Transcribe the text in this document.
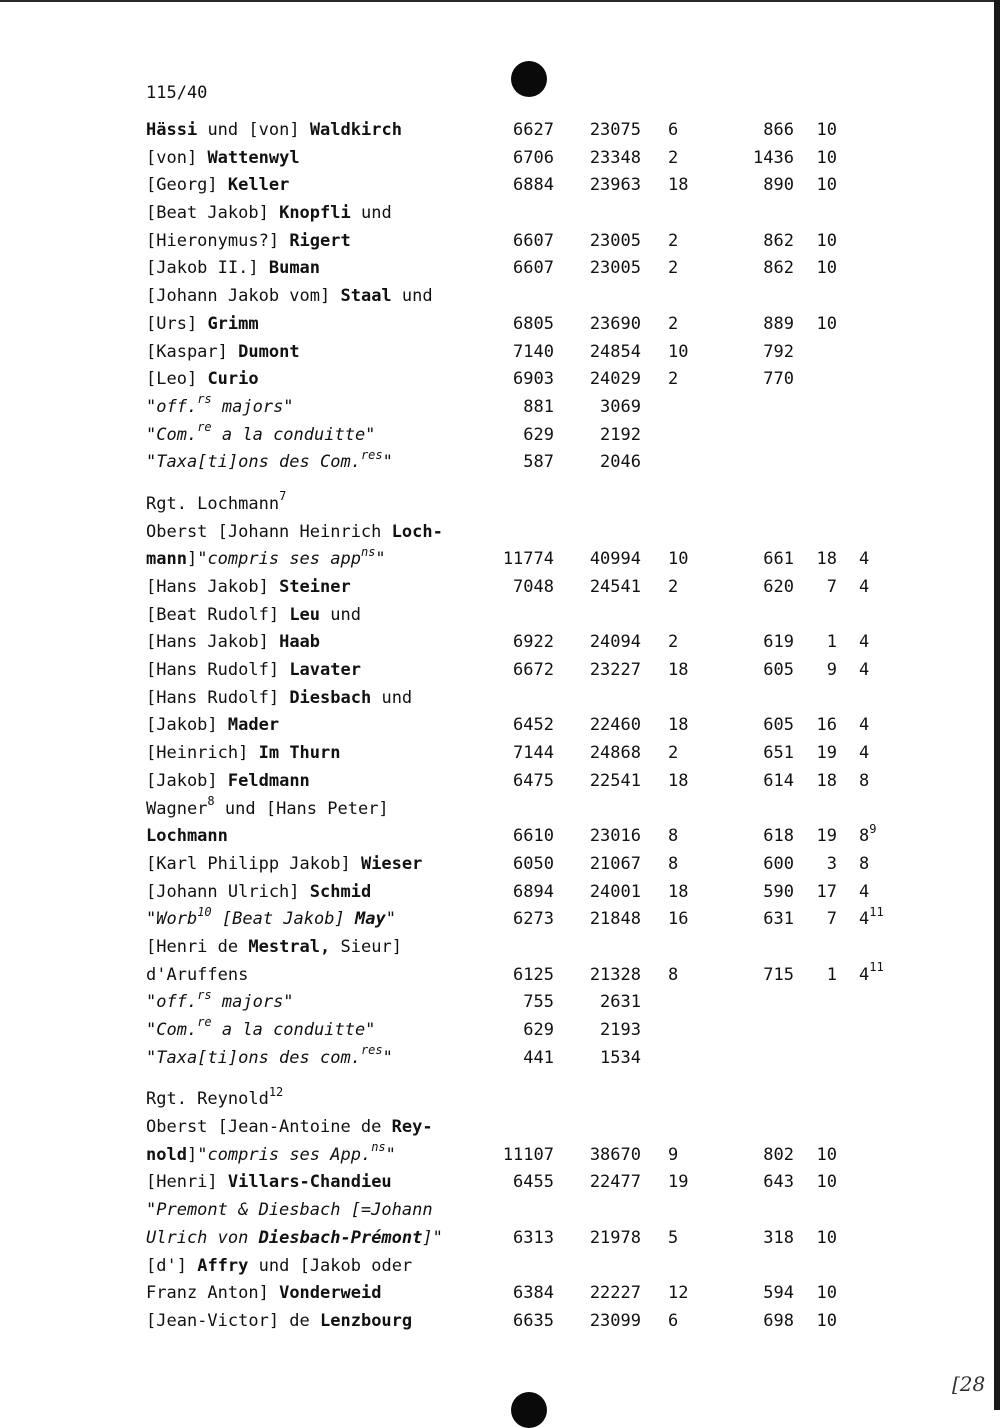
115/40
Hässi und [von] Waldkirch	6627 23075 6	866 10
[von] Wattenwyl	6706 23348 2	1436 10
[Georg] Keller	6884 23963 18	890 10
[Beat Jakob] Knopfli und
[Hieronymus?] Rigert	6607 23005 2	862 10
[Jakob II.] Buman	6607 23005 2	862 10
[Johann Jakob vom] Staal und
[Urs] Grimm	6805 23690 2	889 10
[Kaspar] Dumont	7140 24854 10	792
[Leo] Curio	6903 24029 2	770
"off.$^{rs}$ majors"	881	3069
"Com.$^{re}$ a la conduitte"	629	2192
"Taxa[ti]ons des Com.$^{res}$"	587	2046
Rgt. Lochmann$^7$
Oberst [Johann Heinrich Loch-
mann]"compris ses app$^{ns}$"	11774 40994 10	661 18 4
[Hans Jakob] Steiner	7048 24541 2	620 7 4
[Beat Rudolf] Leu und
[Hans Jakob] Haab	6922 24094 2	619 1 4
[Hans Rudolf] Lavater	6672 23227 18	605 9 4
[Hans Rudolf] Diesbach und
[Jakob] Mader	6452 22460 18	605 16 4
[Heinrich] Im Thurn	7144 24868 2	651 19 4
[Jakob] Feldmann	6475 22541 18	614 18 8
Wagner$^8$ und [Hans Peter]
Lochmann	6610 23016 8	618 19 $8^9$
[Karl Philipp Jakob] Wieser	6050 21067 8	600 3 8
[Johann Ulrich] Schmid	6894 24001 18	590 17 4
"Worb$^{10}$ [Beat Jakob] May"	6273 21848 16	631 7 $4^{11}$
[Henri de Mestral, Sieur]
d'Aruffens	6125 21328 8	715 1 $4^{11}$
"off.$^{rs}$ majors"	755	2631
"Com.$^{re}$ a la conduitte"	629	2193
"Taxa[ti]ons des com.$^{res}$"	441	1534
Rgt. Reynold$^{12}$
Oberst [Jean-Antoine de Rey-
nold]"compris ses App.$^{ns}$"	11107 38670 9	802 10
[Henri] Villars-Chandieu	6455 22477 19	643 10
"Premont & Diesbach [=Johann
Ulrich von Diesbach-Prémont]"	6313 21978 5	318 10
[d'] Affry und [Jakob oder
Franz Anton] Vonderweid	6384 22227 12	594 10
[Jean-Victor] de Lenzbourg	6635 23099 6	698 10
[28
